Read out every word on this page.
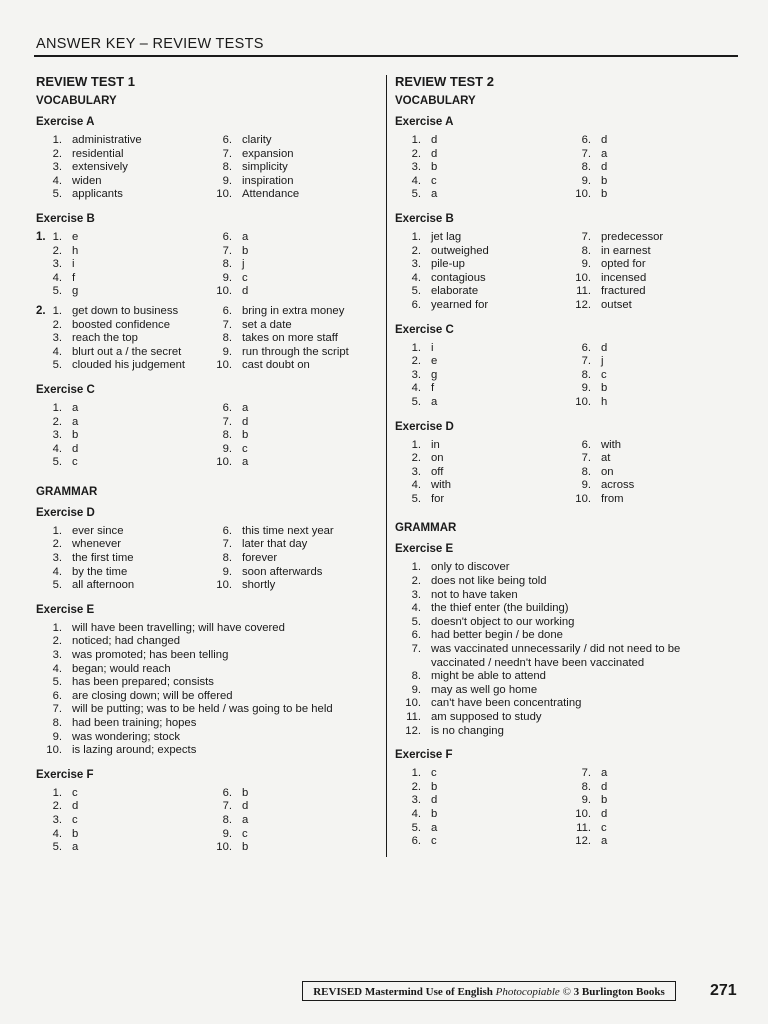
ANSWER KEY – REVIEW TESTS
REVIEW TEST 1
VOCABULARY
Exercise A
1. administrative
2. residential
3. extensively
4. widen
5. applicants
6. clarity
7. expansion
8. simplicity
9. inspiration
10. Attendance
Exercise B
1. 1. e
2. h
3. i
4. f
5. g
6. a
7. b
8. j
9. c
10. d
2. 1. get down to business
2. boosted confidence
3. reach the top
4. blurt out a / the secret
5. clouded his judgement
6. bring in extra money
7. set a date
8. takes on more staff
9. run through the script
10. cast doubt on
Exercise C
1. a
2. a
3. b
4. d
5. c
6. a
7. d
8. b
9. c
10. a
GRAMMAR
Exercise D
1. ever since
2. whenever
3. the first time
4. by the time
5. all afternoon
6. this time next year
7. later that day
8. forever
9. soon afterwards
10. shortly
Exercise E
1. will have been travelling; will have covered
2. noticed; had changed
3. was promoted; has been telling
4. began; would reach
5. has been prepared; consists
6. are closing down; will be offered
7. will be putting; was to be held / was going to be held
8. had been training; hopes
9. was wondering; stock
10. is lazing around; expects
Exercise F
1. c
2. d
3. c
4. b
5. a
6. b
7. d
8. a
9. c
10. b
REVIEW TEST 2
VOCABULARY
Exercise A
1. d
2. d
3. b
4. c
5. a
6. d
7. a
8. d
9. b
10. b
Exercise B
1. jet lag
2. outweighed
3. pile-up
4. contagious
5. elaborate
6. yearned for
7. predecessor
8. in earnest
9. opted for
10. incensed
11. fractured
12. outset
Exercise C
1. i
2. e
3. g
4. f
5. a
6. d
7. j
8. c
9. b
10. h
Exercise D
1. in
2. on
3. off
4. with
5. for
6. with
7. at
8. on
9. across
10. from
GRAMMAR
Exercise E
1. only to discover
2. does not like being told
3. not to have taken
4. the thief enter (the building)
5. doesn't object to our working
6. had better begin / be done
7. was vaccinated unnecessarily / did not need to be vaccinated / needn't have been vaccinated
8. might be able to attend
9. may as well go home
10. can't have been concentrating
11. am supposed to study
12. is no changing
Exercise F
1. c
2. b
3. d
4. b
5. a
6. c
7. a
8. d
9. b
10. d
11. c
12. a
REVISED Mastermind Use of English Photocopiable © 3 Burlington Books	271
